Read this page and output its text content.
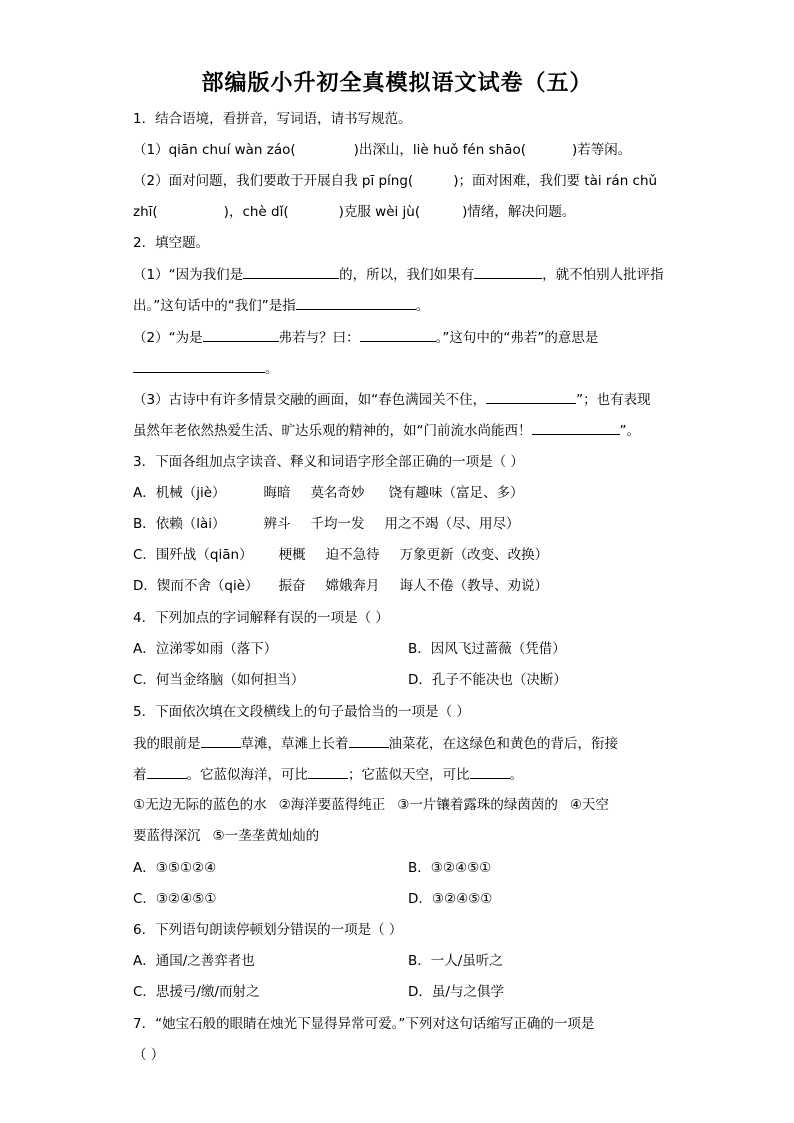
部编版小升初全真模拟语文试卷（五）
1．结合语境，看拼音，写词语，请书写规范。
（1）qiān chuí wàn záo(	)出深山，liè huǒ fén shāo(	)若等闲。
（2）面对问题，我们要敢于开展自我 pī píng(	)；面对困难，我们要 tài rán chǔ
zhī(	)，chè dǐ(	)克服 wèi jù(	)情绪，解决问题。
2．填空题。
（1）“因为我们是	的，所以，我们如果有	，就不怕别人批评指
出。”这句话中的“我们”是指	。
（2）“为是	弗若与？曰：	。”这句中的“弗若”的意思是
。
（3）古诗中有许多情景交融的画面，如“春色满园关不住，	”；也有表现
虽然年老依然热爱生活、旷达乐观的精神的，如“门前流水尚能西！	”。
3．下面各组加点字读音、释义和词语字形全部正确的一项是（ ）
A．机械（jiè）	晦暗 莫名奇妙 饶有趣味（富足、多）
B．依赖（lài）	辨斗 千均一发 用之不竭（尽、用尽）
C．围歼战（qiān） 梗概 迫不急待 万象更新（改变、改换）
D．锲而不舍（qiè） 振奋 嫦娥奔月 诲人不倦（教导、劝说）
4．下列加点的字词解释有误的一项是（ ）
A．泣涕零如雨（落下）	B．因风飞过蔷薇（凭借）
C．何当金络脑（如何担当）	D．孔子不能决也（决断）
5．下面依次填在文段横线上的句子最恰当的一项是（ ）
我的眼前是	草滩，草滩上长着	油菜花，在这绿色和黄色的背后，衔接
着	。它蓝似海洋，可比	；它蓝似天空，可比	。
①无边无际的蓝色的水 ②海洋要蓝得纯正 ③一片镶着露珠的绿茵茵的 ④天空
要蓝得深沉 ⑤一垄垄黄灿灿的
A．③⑤①②④	B．③②④⑤①
C．③②④⑤①	D．③②④⑤①
6．下列语句朗读停顿划分错误的一项是（ ）
A．通国/之善弈者也	B．一人/虽听之
C．思援弓/缴/而射之	D．虽/与之俱学
7．“她宝石般的眼睛在烛光下显得异常可爱。”下列对这句话缩写正确的一项是
（ ）
